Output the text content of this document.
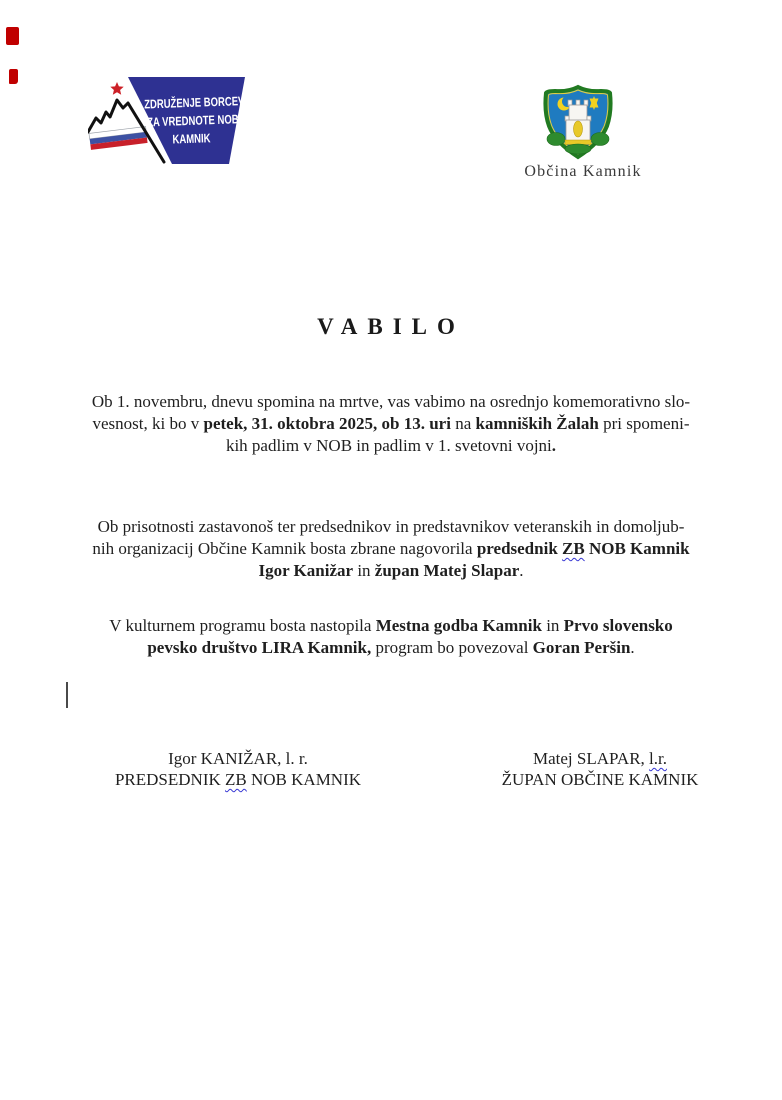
ZDRUŽENJE BORCEV
ZA VREDNOTE NOB
KAMNIK
Občina Kamnik
VABILO
Ob 1. novembru, dnevu spomina na mrtve, vas vabimo na osrednjo komemorativno slo-
vesnost, ki bo v petek, 31. oktobra 2025, ob 13. uri na kamniških Žalah pri spomeni-
kih padlim v NOB in padlim v 1. svetovni vojni.
Ob prisotnosti zastavonoš ter predsednikov in predstavnikov veteranskih in domoljub-
nih organizacij Občine Kamnik bosta zbrane nagovorila predsednik ZB NOB Kamnik
Igor Kanižar in župan Matej Slapar.
V kulturnem programu bosta nastopila Mestna godba Kamnik in Prvo slovensko
pevsko društvo LIRA Kamnik, program bo povezoval Goran Peršin.
Igor KANIŽAR, l. r.
PREDSEDNIK ZB NOB KAMNIK
Matej SLAPAR, l.r.
ŽUPAN OBČINE KAMNIK
